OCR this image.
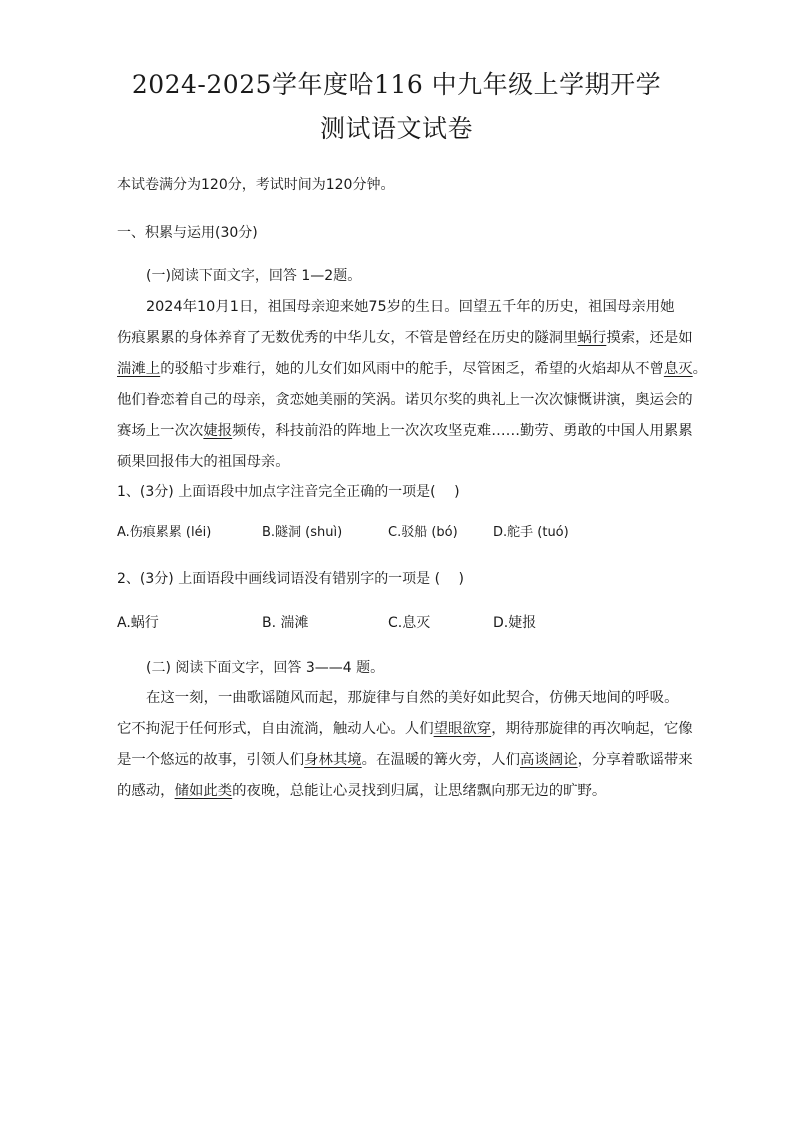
2024-2025学年度哈116 中九年级上学期开学
测试语文试卷
本试卷满分为120分，考试时间为120分钟。
一、积累与运用(30分)
(一)阅读下面文字，回答 1—2题。
2024年10月1日，祖国母亲迎来她75岁的生日。回望五千年的历史，祖国母亲用她
伤痕累累的身体养育了无数优秀的中华儿女，不管是曾经在历史的隧洞里蜗行摸索，还是如
湍滩上的驳船寸步难行，她的儿女们如风雨中的舵手，尽管困乏，希望的火焰却从不曾息灭。
他们眷恋着自己的母亲，贪恋她美丽的笑涡。诺贝尔奖的典礼上一次次慷慨讲演，奥运会的
赛场上一次次婕报频传，科技前沿的阵地上一次次攻坚克难……勤劳、勇敢的中国人用累累
硕果回报伟大的祖国母亲。
1、(3分) 上面语段中加点字注音完全正确的一项是(　 )
A.伤痕累累 (léi)	B.隧洞 (shuì)	C.驳船 (bó)	D.舵手 (tuó)
2、(3分) 上面语段中画线词语没有错别字的一项是 (　 )
A.蜗行	B. 湍滩	C.息灭	D.婕报
(二) 阅读下面文字，回答 3——4 题。
在这一刻，一曲歌谣随风而起，那旋律与自然的美好如此契合，仿佛天地间的呼吸。
它不拘泥于任何形式，自由流淌，触动人心。人们望眼欲穿，期待那旋律的再次响起，它像
是一个悠远的故事，引领人们身林其境。在温暖的篝火旁，人们高谈阔论，分享着歌谣带来
的感动，储如此类的夜晚，总能让心灵找到归属，让思绪飘向那无边的旷野。
